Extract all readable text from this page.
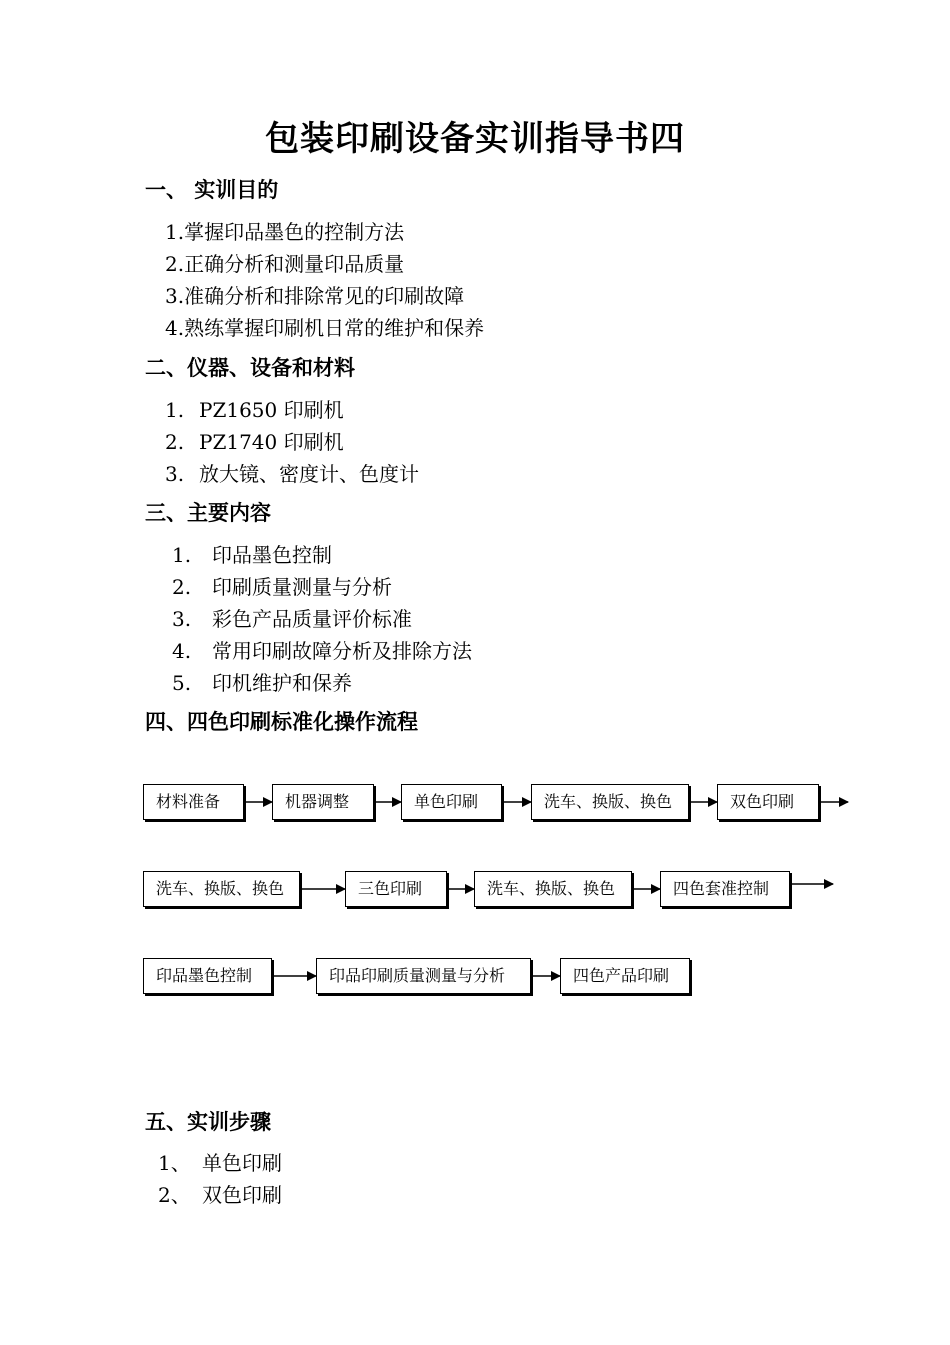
包装印刷设备实训指导书四
一、 实训目的
1.掌握印品墨色的控制方法
2.正确分析和测量印品质量
3.准确分析和排除常见的印刷故障
4.熟练掌握印刷机日常的维护和保养
二、仪器、设备和材料
1. PZ1650 印刷机
2. PZ1740 印刷机
3. 放大镜、密度计、色度计
三、主要内容
1. 印品墨色控制
2. 印刷质量测量与分析
3. 彩色产品质量评价标准
4. 常用印刷故障分析及排除方法
5. 印机维护和保养
四、四色印刷标准化操作流程
材料准备	机器调整	单色印刷	洗车、换版、换色	双色印刷
洗车、换版、换色	三色印刷	洗车、换版、换色	四色套准控制
印品墨色控制	印品印刷质量测量与分析	四色产品印刷
五、实训步骤
1、 单色印刷
2、 双色印刷
